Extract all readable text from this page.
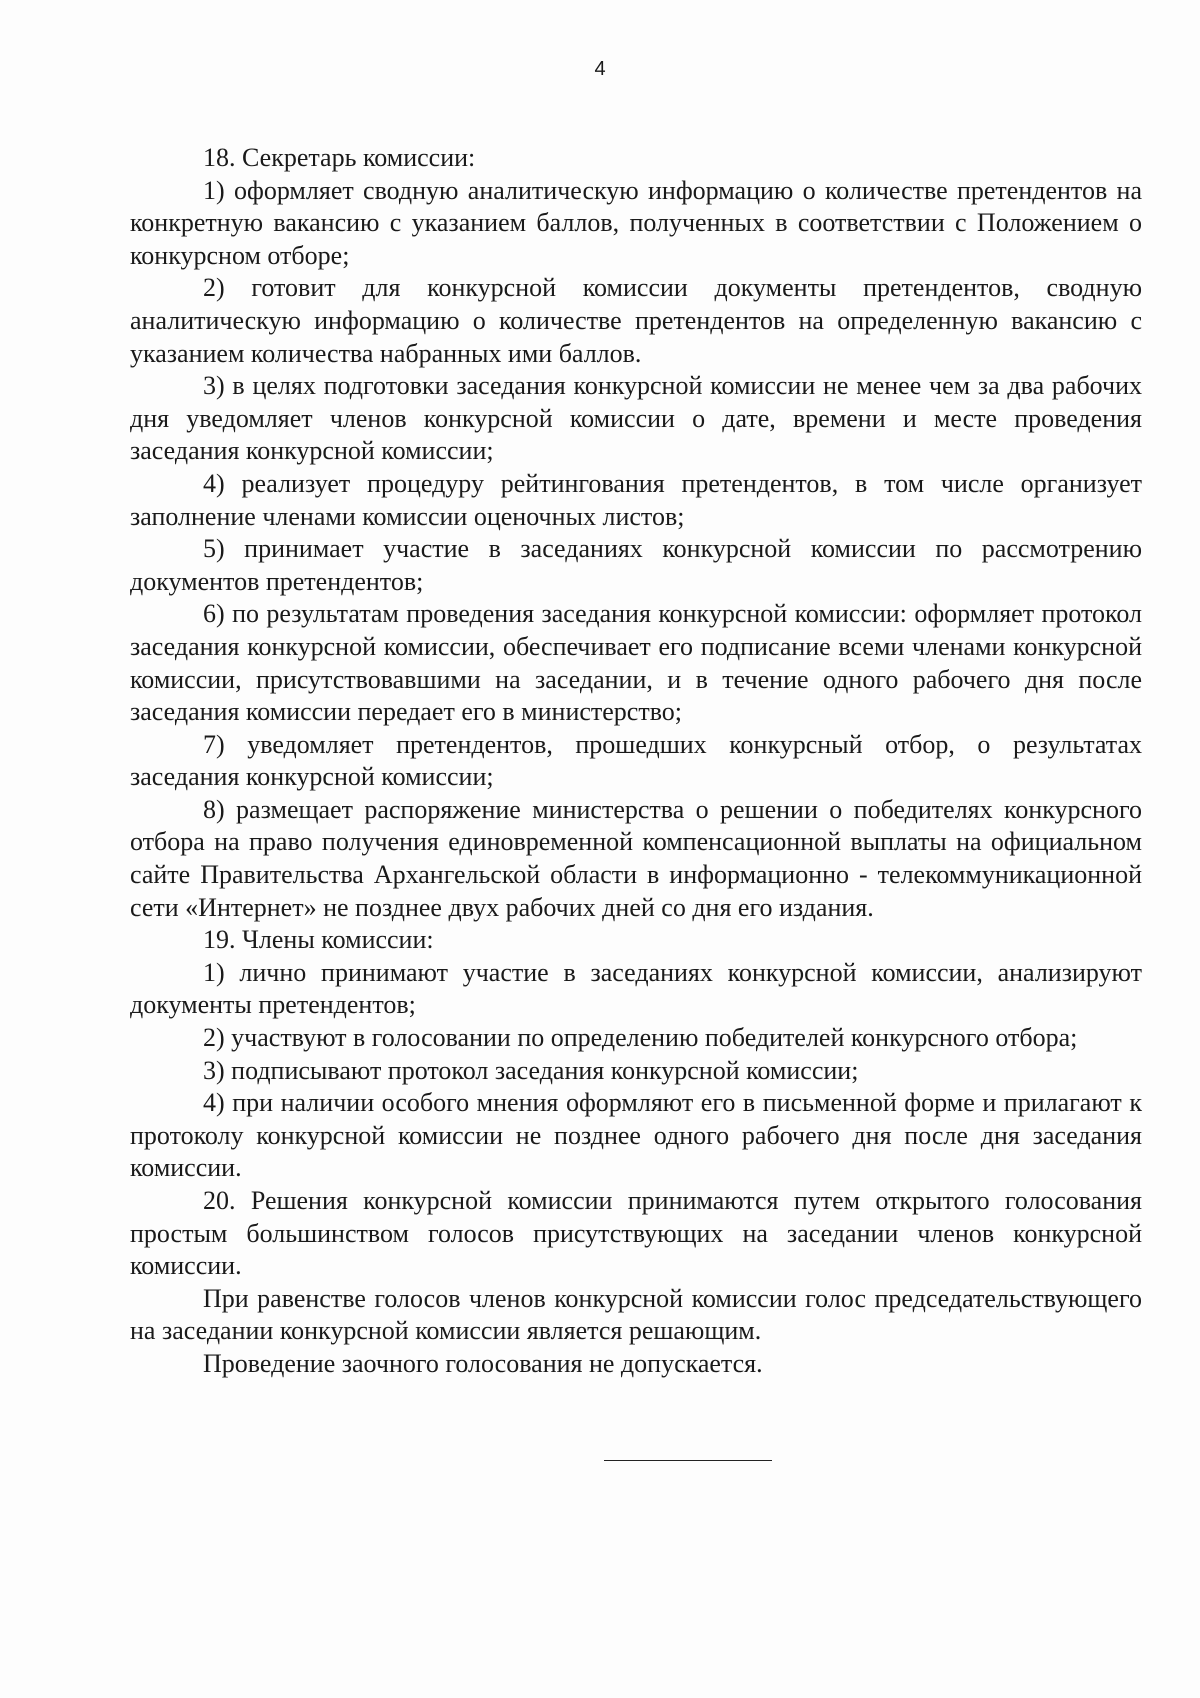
4

18. Секретарь комиссии:

1) оформляет сводную аналитическую информацию о количестве претендентов на конкретную вакансию с указанием баллов, полученных в соответствии с Положением о конкурсном отборе;

2) готовит для конкурсной комиссии документы претендентов, сводную аналитическую информацию о количестве претендентов на определенную вакансию с указанием количества набранных ими баллов.

3) в целях подготовки заседания конкурсной комиссии не менее чем за два рабочих дня уведомляет членов конкурсной комиссии о дате, времени и месте проведения заседания конкурсной комиссии;

4) реализует процедуру рейтингования претендентов, в том числе организует заполнение членами комиссии оценочных листов;

5) принимает участие в заседаниях конкурсной комиссии по рассмотрению документов претендентов;

6) по результатам проведения заседания конкурсной комиссии: оформляет протокол заседания конкурсной комиссии, обеспечивает его подписание всеми членами конкурсной комиссии, присутствовавшими на заседании, и в течение одного рабочего дня после заседания комиссии передает его в министерство;

7) уведомляет претендентов, прошедших конкурсный отбор, о результатах заседания конкурсной комиссии;

8) размещает распоряжение министерства о решении о победителях конкурсного отбора на право получения единовременной компенсационной выплаты на официальном сайте Правительства Архангельской области в информационно - телекоммуникационной сети «Интернет» не позднее двух рабочих дней со дня его издания.

19. Члены комиссии:

1) лично принимают участие в заседаниях конкурсной комиссии, анализируют документы претендентов;

2) участвуют в голосовании по определению победителей конкурсного отбора;

3) подписывают протокол заседания конкурсной комиссии;

4) при наличии особого мнения оформляют его в письменной форме и прилагают к протоколу конкурсной комиссии не позднее одного рабочего дня после дня заседания комиссии.

20. Решения конкурсной комиссии принимаются путем открытого голосования простым большинством голосов присутствующих на заседании членов конкурсной комиссии.

При равенстве голосов членов конкурсной комиссии голос председательствующего на заседании конкурсной комиссии является решающим.

Проведение заочного голосования не допускается.
